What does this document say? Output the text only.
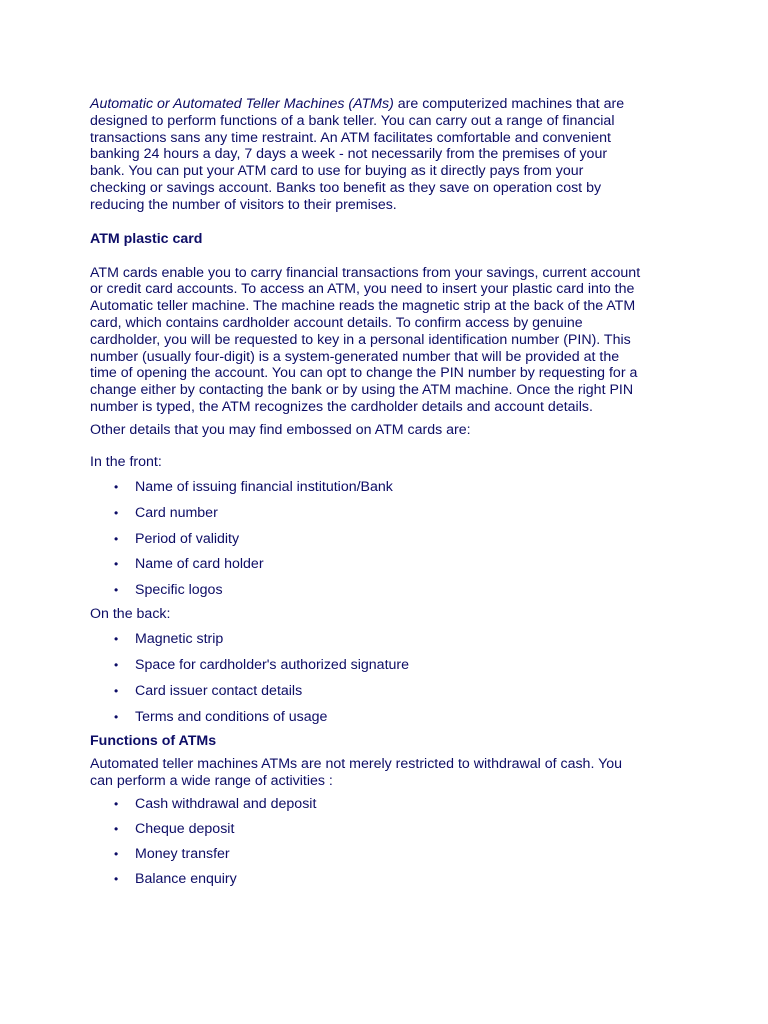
Automatic or Automated Teller Machines (ATMs) are computerized machines that are
designed to perform functions of a bank teller. You can carry out a range of financial
transactions sans any time restraint. An ATM facilitates comfortable and convenient
banking 24 hours a day, 7 days a week - not necessarily from the premises of your
bank. You can put your ATM card to use for buying as it directly pays from your
checking or savings account. Banks too benefit as they save on operation cost by
reducing the number of visitors to their premises.

ATM plastic card

ATM cards enable you to carry financial transactions from your savings, current account
or credit card accounts. To access an ATM, you need to insert your plastic card into the
Automatic teller machine. The machine reads the magnetic strip at the back of the ATM
card, which contains cardholder account details. To confirm access by genuine
cardholder, you will be requested to key in a personal identification number (PIN). This
number (usually four-digit) is a system-generated number that will be provided at the
time of opening the account. You can opt to change the PIN number by requesting for a
change either by contacting the bank or by using the ATM machine. Once the right PIN
number is typed, the ATM recognizes the cardholder details and account details.

Other details that you may find embossed on ATM cards are:

In the front:

• Name of issuing financial institution/Bank
• Card number
• Period of validity
• Name of card holder
• Specific logos

On the back:

• Magnetic strip
• Space for cardholder's authorized signature
• Card issuer contact details
• Terms and conditions of usage

Functions of ATMs

Automated teller machines ATMs are not merely restricted to withdrawal of cash. You
can perform a wide range of activities :

• Cash withdrawal and deposit
• Cheque deposit
• Money transfer
• Balance enquiry
